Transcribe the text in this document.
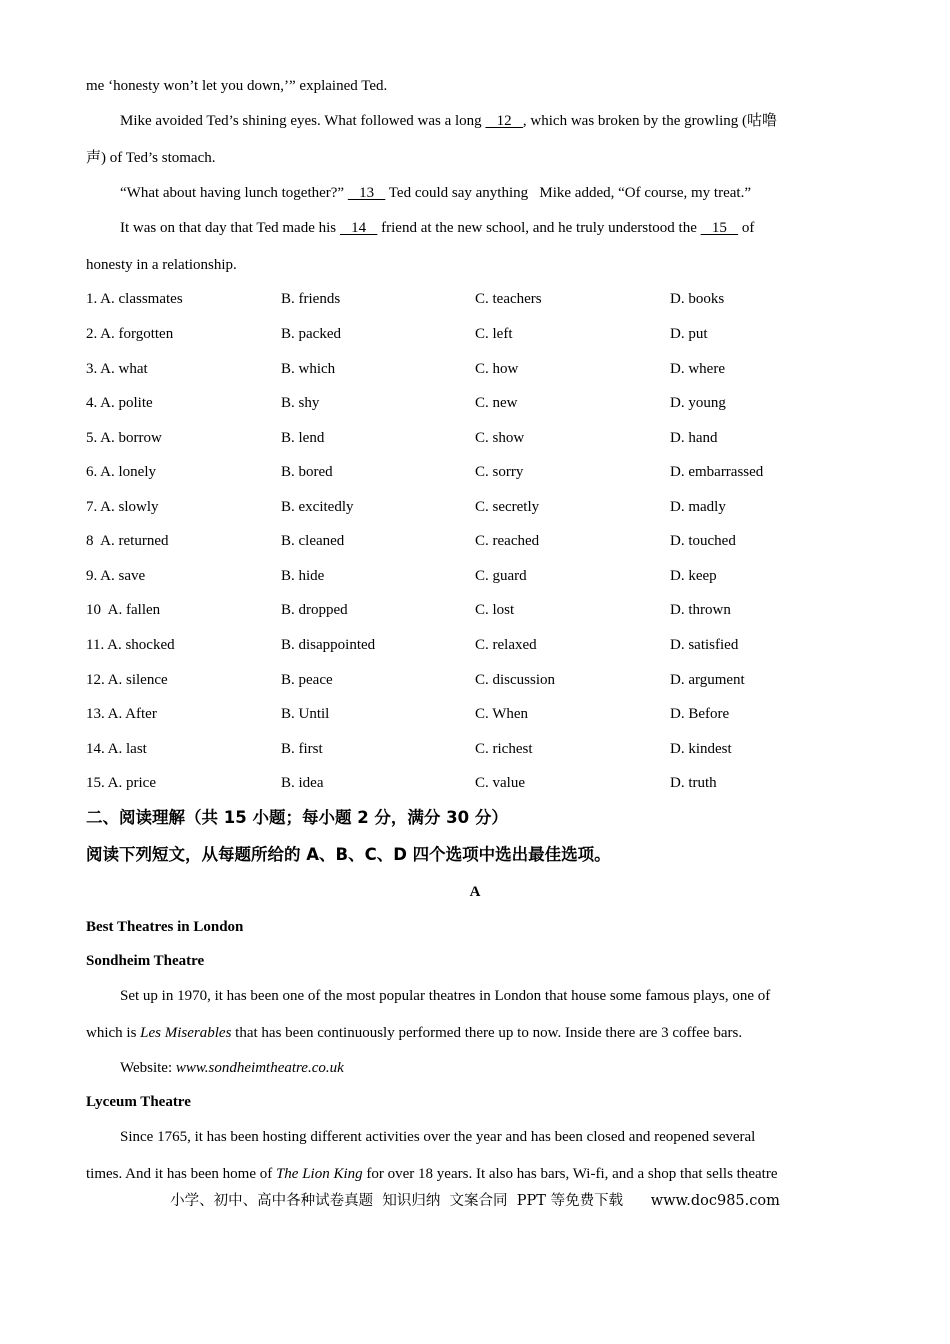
me ‘honesty won’t let you down,’” explained Ted.
Mike avoided Ted’s shining eyes. What followed was a long    12   , which was broken by the growling (咕噜
声) of Ted’s stomach.
“What about having lunch together?”    13    Ted could say anything   Mike added, “Of course, my treat.”
It was on that day that Ted made his    14    friend at the new school, and he truly understood the    15    of
honesty in a relationship.
1. A. classmates	B. friends	C. teachers	D. books
2. A. forgotten	B. packed	C. left	D. put
3. A. what	B. which	C. how	D. where
4. A. polite	B. shy	C. new	D. young
5. A. borrow	B. lend	C. show	D. hand
6. A. lonely	B. bored	C. sorry	D. embarrassed
7. A. slowly	B. excitedly	C. secretly	D. madly
8  A. returned	B. cleaned	C. reached	D. touched
9. A. save	B. hide	C. guard	D. keep
10  A. fallen	B. dropped	C. lost	D. thrown
11. A. shocked	B. disappointed	C. relaxed	D. satisfied
12. A. silence	B. peace	C. discussion	D. argument
13. A. After	B. Until	C. When	D. Before
14. A. last	B. first	C. richest	D. kindest
15. A. price	B. idea	C. value	D. truth
二、阅读理解（共 15 小题；每小题 2 分，满分 30 分）
阅读下列短文，从每题所给的 A、B、C、D 四个选项中选出最佳选项。
A
Best Theatres in London
Sondheim Theatre
Set up in 1970, it has been one of the most popular theatres in London that house some famous plays, one of
which is Les Miserables that has been continuously performed there up to now. Inside there are 3 coffee bars.
Website: www.sondheimtheatre.co.uk
Lyceum Theatre
Since 1765, it has been hosting different activities over the year and has been closed and reopened several
times. And it has been home of The Lion King for over 18 years. It also has bars, Wi-fi, and a shop that sells theatre
小学、初中、高中各种试卷真题  知识归纳  文案合同  PPT 等免费下载      www.doc985.com
